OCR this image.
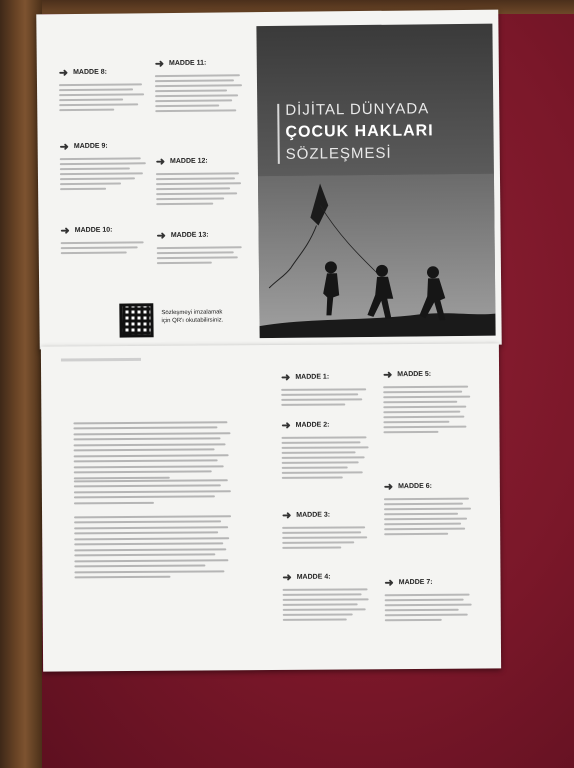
➜ MADDE 8:
➜ MADDE 9:
➜ MADDE 10:
➜ MADDE 11:
➜ MADDE 12:
➜ MADDE 13:
Sözleşmeyi imzalamak
için QR'ı okutabilirsiniz.
DİJİTAL DÜNYADA
ÇOCUK HAKLARI
SÖZLEŞMESİ
➜ MADDE 1:
➜ MADDE 2:
➜ MADDE 3:
➜ MADDE 4:
➜ MADDE 5:
➜ MADDE 6:
➜ MADDE 7:
